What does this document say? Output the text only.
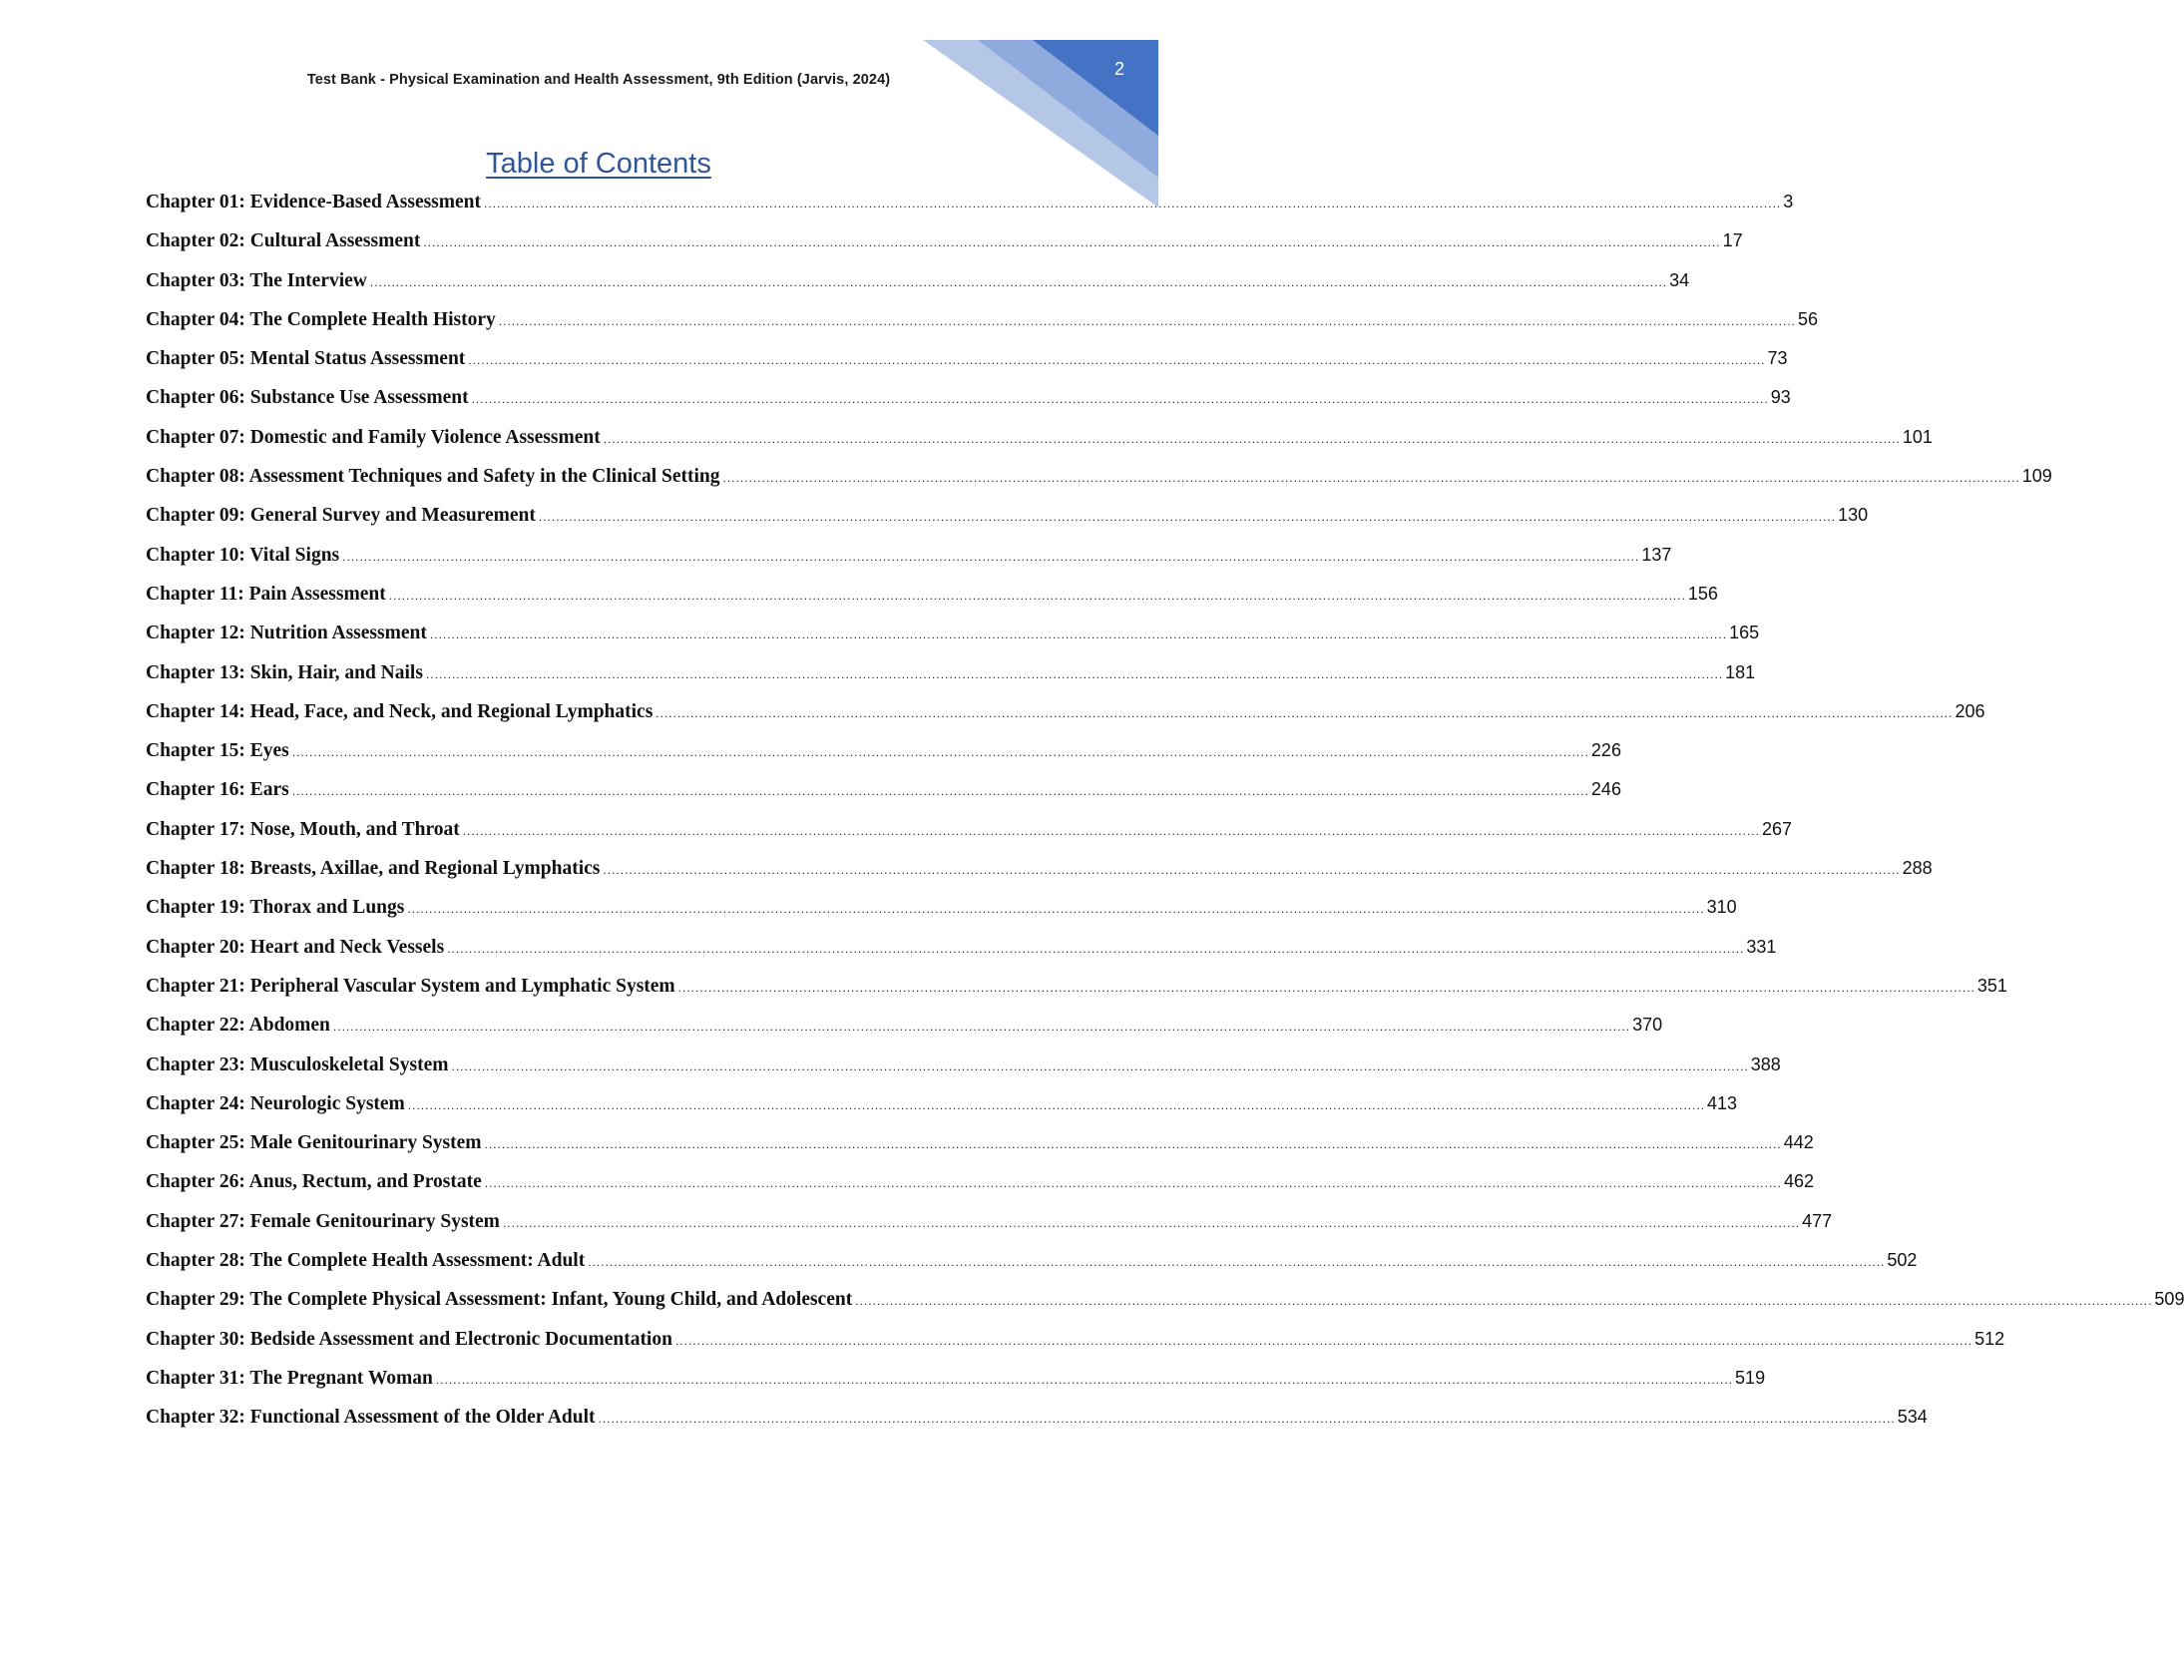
2
Test Bank - Physical Examination and Health Assessment, 9th Edition (Jarvis, 2024)
Table of Contents
Chapter 01: Evidence-Based Assessment ............................................................................................................................................................................................................................................................................................................ 3
Chapter 02: Cultural Assessment ............................................................................................................................................................................................................................................................................................................ 17
Chapter 03: The Interview ............................................................................................................................................................................................................................................................................................................ 34
Chapter 04: The Complete Health History ............................................................................................................................................................................................................................................................................................................ 56
Chapter 05: Mental Status Assessment ............................................................................................................................................................................................................................................................................................................ 73
Chapter 06: Substance Use Assessment ............................................................................................................................................................................................................................................................................................................ 93
Chapter 07: Domestic and Family Violence Assessment ............................................................................................................................................................................................................................................................................................................ 101
Chapter 08: Assessment Techniques and Safety in the Clinical Setting ............................................................................................................................................................................................................................................................................................................ 109
Chapter 09: General Survey and Measurement ............................................................................................................................................................................................................................................................................................................ 130
Chapter 10: Vital Signs ............................................................................................................................................................................................................................................................................................................ 137
Chapter 11: Pain Assessment ............................................................................................................................................................................................................................................................................................................ 156
Chapter 12: Nutrition Assessment ............................................................................................................................................................................................................................................................................................................ 165
Chapter 13: Skin, Hair, and Nails ............................................................................................................................................................................................................................................................................................................ 181
Chapter 14: Head, Face, and Neck, and Regional Lymphatics ............................................................................................................................................................................................................................................................................................................ 206
Chapter 15: Eyes ............................................................................................................................................................................................................................................................................................................ 226
Chapter 16: Ears ............................................................................................................................................................................................................................................................................................................ 246
Chapter 17: Nose, Mouth, and Throat ............................................................................................................................................................................................................................................................................................................ 267
Chapter 18: Breasts, Axillae, and Regional Lymphatics ............................................................................................................................................................................................................................................................................................................ 288
Chapter 19: Thorax and Lungs ............................................................................................................................................................................................................................................................................................................ 310
Chapter 20: Heart and Neck Vessels ............................................................................................................................................................................................................................................................................................................ 331
Chapter 21: Peripheral Vascular System and Lymphatic System ............................................................................................................................................................................................................................................................................................................ 351
Chapter 22: Abdomen ............................................................................................................................................................................................................................................................................................................ 370
Chapter 23: Musculoskeletal System ............................................................................................................................................................................................................................................................................................................ 388
Chapter 24: Neurologic System ............................................................................................................................................................................................................................................................................................................ 413
Chapter 25: Male Genitourinary System ............................................................................................................................................................................................................................................................................................................ 442
Chapter 26: Anus, Rectum, and Prostate ............................................................................................................................................................................................................................................................................................................ 462
Chapter 27: Female Genitourinary System ............................................................................................................................................................................................................................................................................................................ 477
Chapter 28: The Complete Health Assessment: Adult ............................................................................................................................................................................................................................................................................................................ 502
Chapter 29: The Complete Physical Assessment: Infant, Young Child, and Adolescent ............................................................................................................................................................................................................................................................................................................ 509
Chapter 30: Bedside Assessment and Electronic Documentation ............................................................................................................................................................................................................................................................................................................ 512
Chapter 31: The Pregnant Woman ............................................................................................................................................................................................................................................................................................................ 519
Chapter 32: Functional Assessment of the Older Adult ............................................................................................................................................................................................................................................................................................................ 534
